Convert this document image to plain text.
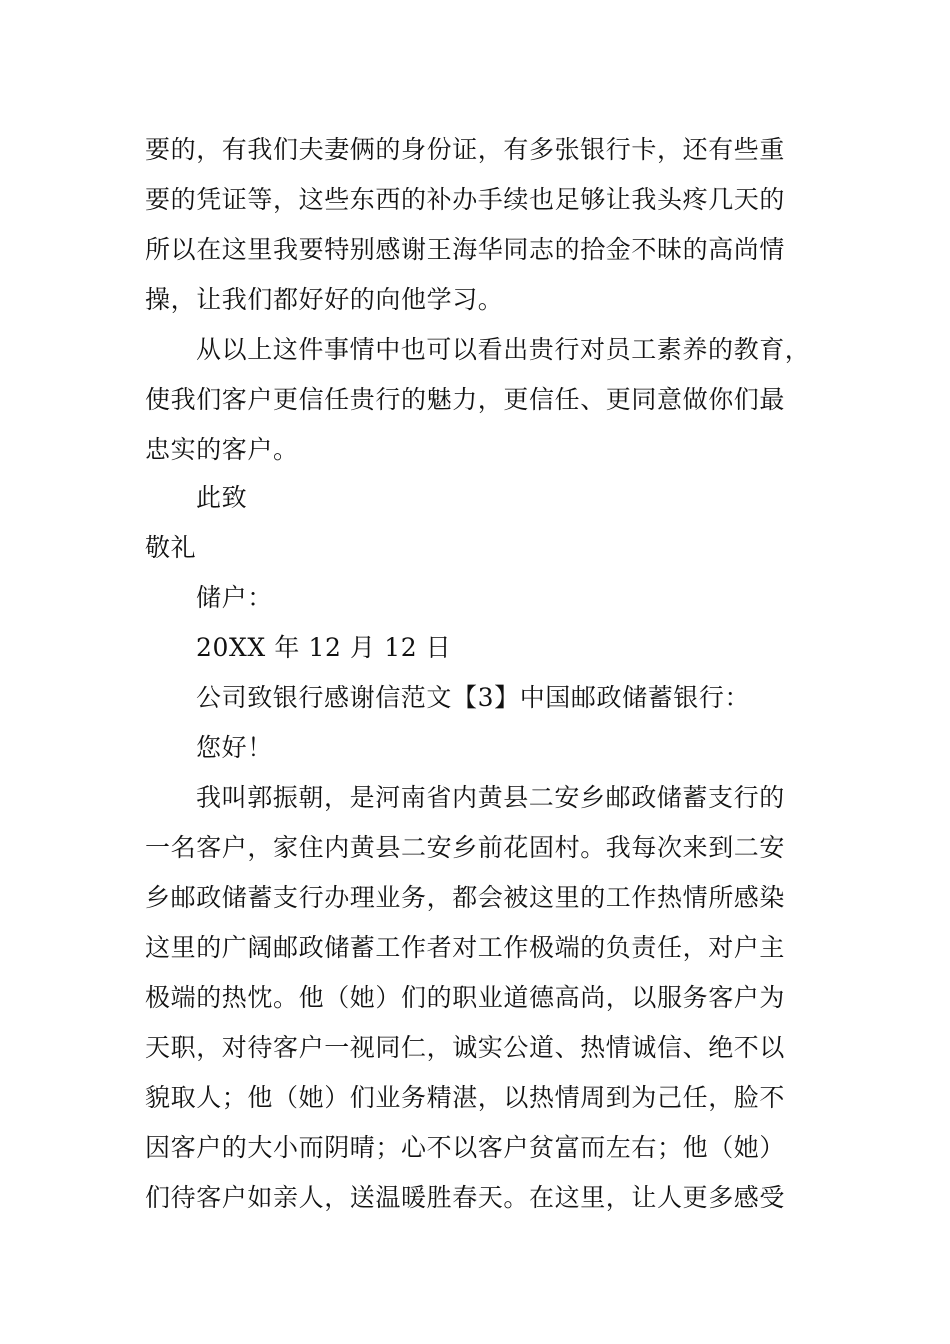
要的，有我们夫妻俩的身份证，有多张银行卡，还有些重
要的凭证等，这些东西的补办手续也足够让我头疼几天的
所以在这里我要特别感谢王海华同志的拾金不昧的高尚情
操，让我们都好好的向他学习。
从以上这件事情中也可以看出贵行对员工素养的教育，
使我们客户更信任贵行的魅力，更信任、更同意做你们最
忠实的客户。
此致
敬礼
储户：
20XX 年 12 月 12 日
公司致银行感谢信范文【3】中国邮政储蓄银行：
您好！
我叫郭振朝，是河南省内黄县二安乡邮政储蓄支行的
一名客户，家住内黄县二安乡前花固村。我每次来到二安
乡邮政储蓄支行办理业务，都会被这里的工作热情所感染
这里的广阔邮政储蓄工作者对工作极端的负责任，对户主
极端的热忱。他（她）们的职业道德高尚，以服务客户为
天职，对待客户一视同仁，诚实公道、热情诚信、绝不以
貌取人；他（她）们业务精湛，以热情周到为己任，脸不
因客户的大小而阴晴；心不以客户贫富而左右；他（她）
们待客户如亲人，送温暖胜春天。在这里，让人更多感受
